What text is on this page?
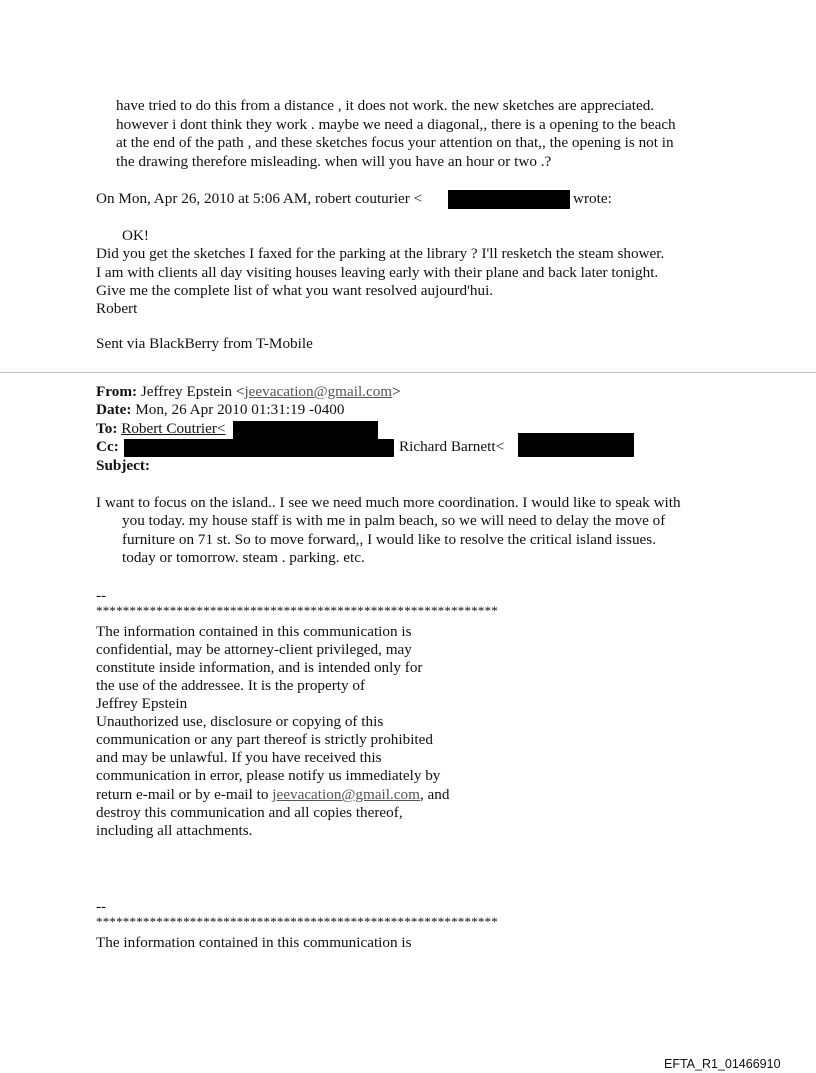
have tried to do this from a distance , it does not work. the new sketches are appreciated.
however i dont think they work . maybe we need a diagonal,, there is a opening to the beach
at the end of the path , and these sketches focus your attention on that,, the opening is not in
the drawing therefore misleading. when will you have an hour or two .?
On Mon, Apr 26, 2010 at 5:06 AM, robert couturier <	wrote:
OK!
Did you get the sketches I faxed for the parking at the library ? I'll resketch the steam shower.
I am with clients all day visiting houses leaving early with their plane and back later tonight.
Give me the complete list of what you want resolved aujourd'hui.
Robert
Sent via BlackBerry from T-Mobile
From: Jeffrey Epstein <jeevacation@gmail.com>
Date: Mon, 26 Apr 2010 01:31:19 -0400
To: Robert Coutrier<
Cc:	Richard Barnett<
Subject:
I want to focus on the island.. I see we need much more coordination. I would like to speak with
you today. my house staff is with me in palm beach, so we will need to delay the move of
furniture on 71 st. So to move forward,, I would like to resolve the critical island issues.
today or tomorrow. steam . parking. etc.
--
************************************************************
The information contained in this communication is
confidential, may be attorney-client privileged, may
constitute inside information, and is intended only for
the use of the addressee. It is the property of
Jeffrey Epstein
Unauthorized use, disclosure or copying of this
communication or any part thereof is strictly prohibited
and may be unlawful. If you have received this
communication in error, please notify us immediately by
return e-mail or by e-mail to jeevacation@gmail.com, and
destroy this communication and all copies thereof,
including all attachments.
--
************************************************************
The information contained in this communication is
EFTA_R1_01466910
